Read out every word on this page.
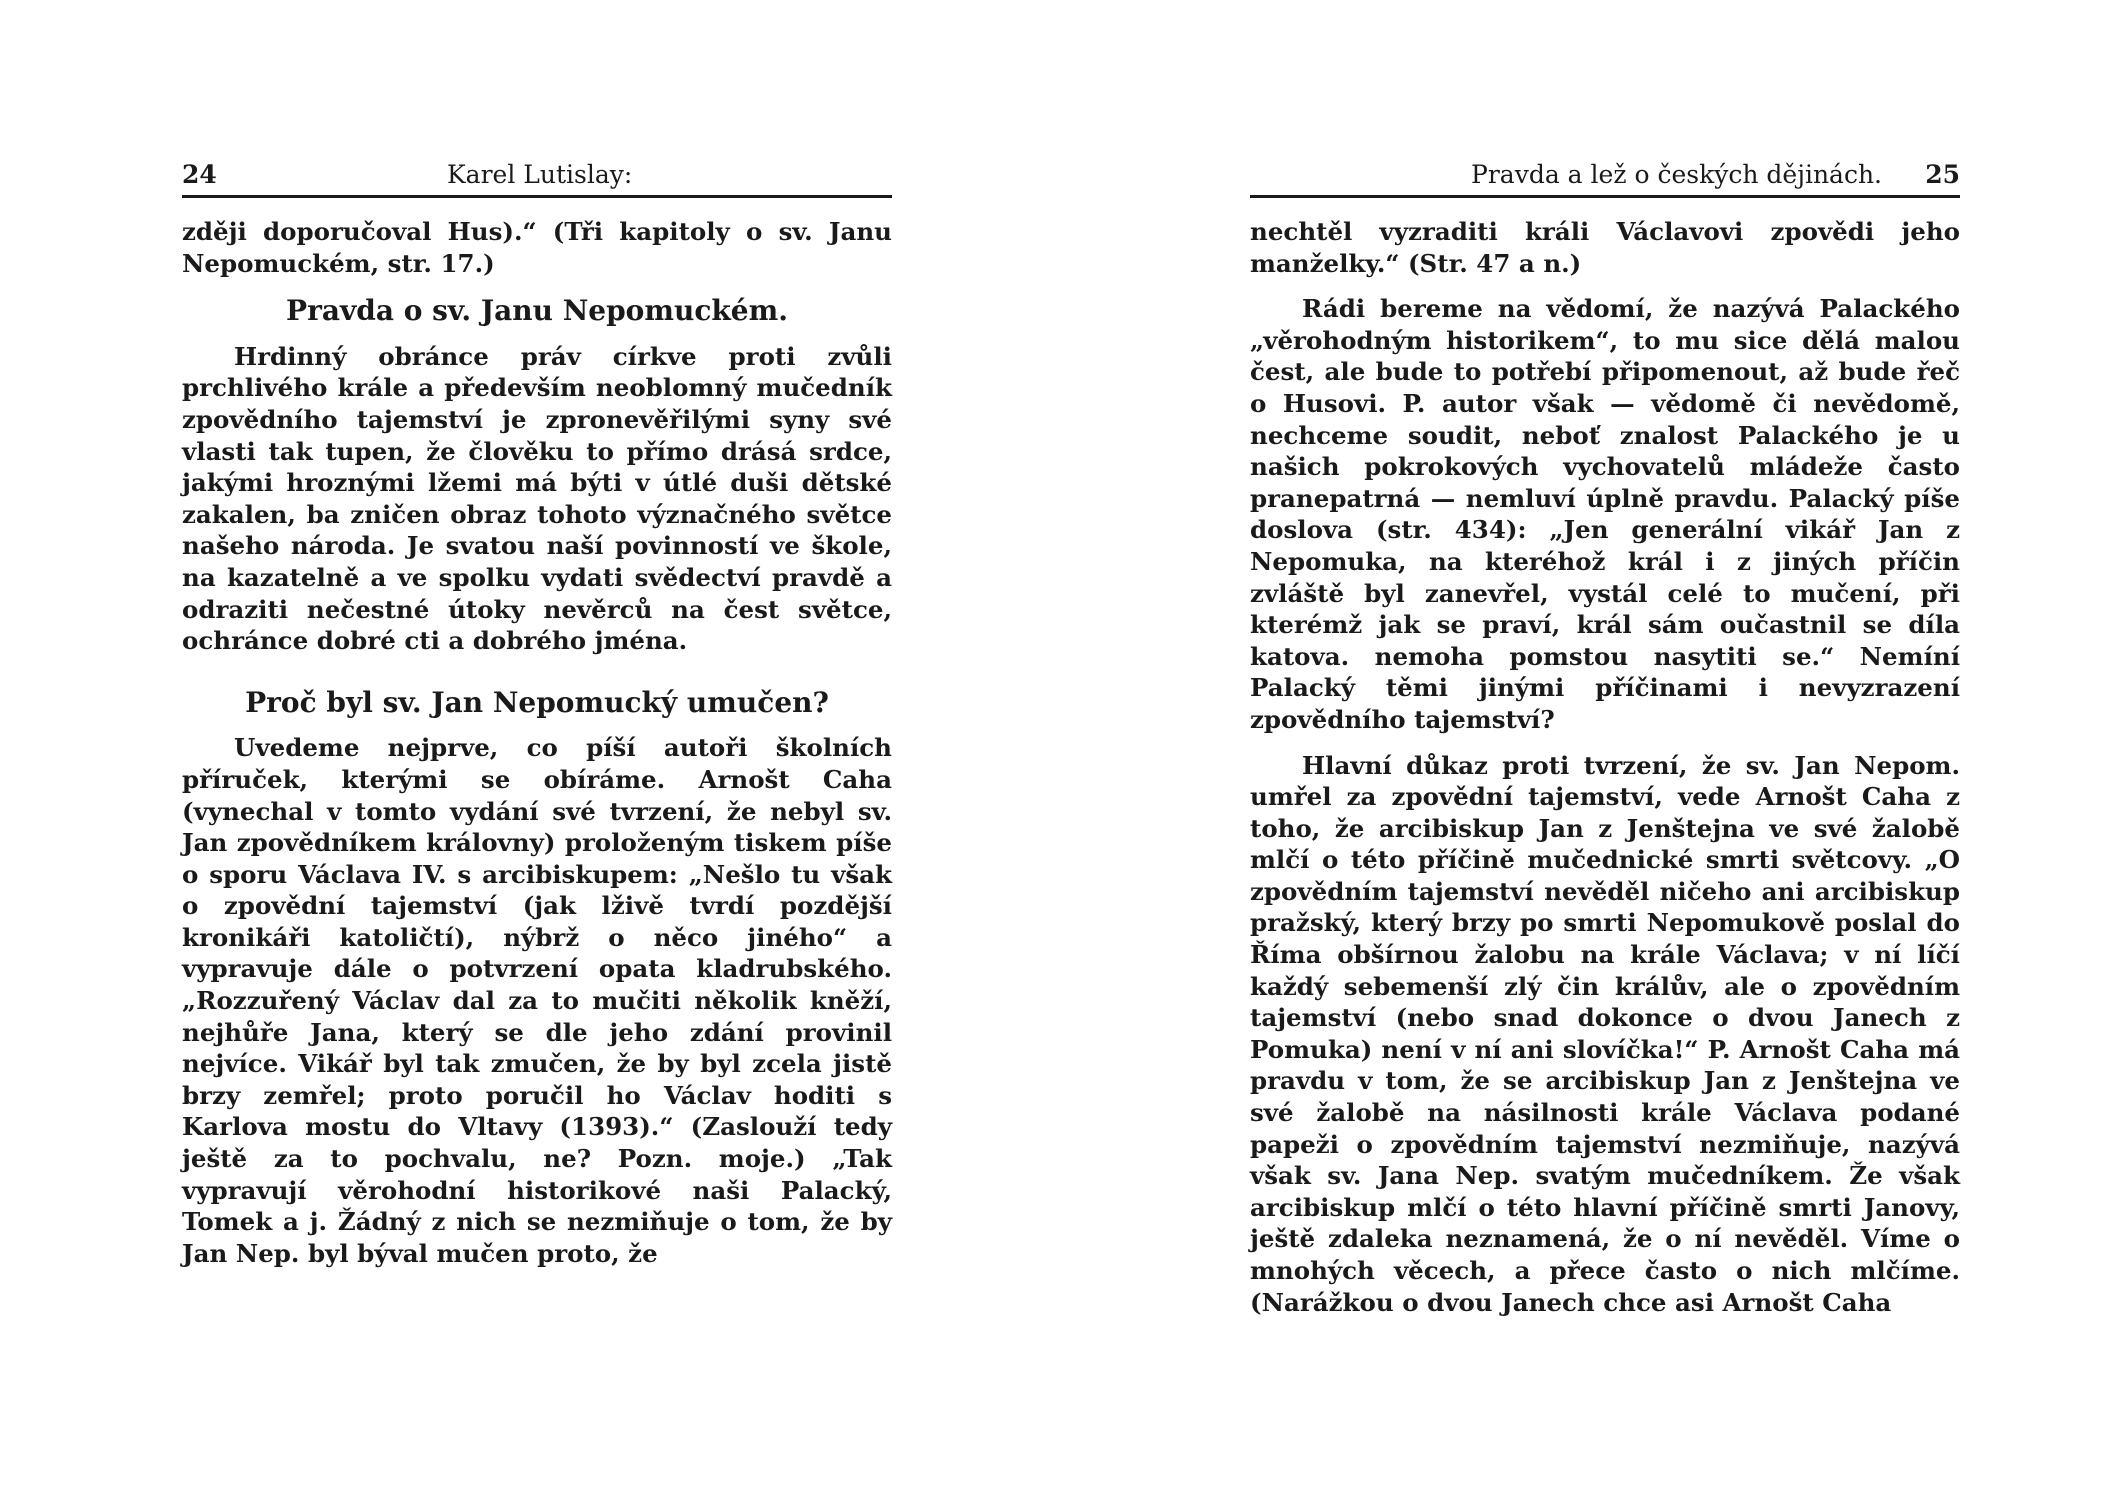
24	Karel Lutislay:

zději doporučoval Hus).“ (Tři kapitoly o sv. Janu Nepomuckém, str. 17.)

Pravda o sv. Janu Nepomuckém.

Hrdinný obránce práv církve proti zvůli prchlivého krále a především neoblomný mučedník zpovědního tajemství je zpronevěřilými syny své vlasti tak tupen, že člověku to přímo drásá srdce, jakými hroznými lžemi má býti v útlé duši dětské zakalen, ba zničen obraz tohoto význačného světce našeho národa. Je svatou naší povinností ve škole, na kazatelně a ve spolku vydati svědectví pravdě a odraziti nečestné útoky nevěrců na čest světce, ochránce dobré cti a dobrého jména.

Proč byl sv. Jan Nepomucký umučen?

Uvedeme nejprve, co píší autoři školních příruček, kterými se obíráme. Arnošt Caha (vynechal v tomto vydání své tvrzení, že nebyl sv. Jan zpovědníkem královny) proloženým tiskem píše o sporu Václava IV. s arcibiskupem: „Nešlo tu však o zpovědní tajemství (jak lživě tvrdí pozdější kronikáři katoličtí), nýbrž o něco jiného“ a vypravuje dále o potvrzení opata kladrubského. „Rozzuřený Václav dal za to mučiti několik kněží, nejhůře Jana, který se dle jeho zdání provinil nejvíce. Vikář byl tak zmučen, že by byl zcela jistě brzy zemřel; proto poručil ho Václav hoditi s Karlova mostu do Vltavy (1393).“ (Zaslouží tedy ještě za to pochvalu, ne? Pozn. moje.) „Tak vypravují věrohodní historikové naši Palacký, Tomek a j. Žádný z nich se nezmiňuje o tom, že by Jan Nep. byl býval mučen proto, že

Pravda a lež o českých dějinách. 25

nechtěl vyzraditi králi Václavovi zpovědi jeho manželky.“ (Str. 47 a n.)

Rádi bereme na vědomí, že nazývá Palackého „věrohodným historikem“, to mu sice dělá malou čest, ale bude to potřebí připomenout, až bude řeč o Husovi. P. autor však — vědomě či nevědomě, nechceme soudit, neboť znalost Palackého je u našich pokrokových vychovatelů mládeže často pranepatrná — nemluví úplně pravdu. Palacký píše doslova (str. 434): „Jen generální vikář Jan z Nepomuka, na kteréhož král i z jiných příčin zvláště byl zanevřel, vystál celé to mučení, při kterémž jak se praví, král sám oučastnil se díla katova. nemoha pomstou nasytiti se.“ Nemíní Palacký těmi jinými příčinami i nevyzrazení zpovědního tajemství?

Hlavní důkaz proti tvrzení, že sv. Jan Nepom. umřel za zpovědní tajemství, vede Arnošt Caha z toho, že arcibiskup Jan z Jenštejna ve své žalobě mlčí o této příčině mučednické smrti světcovy. „O zpovědním tajemství nevěděl ničeho ani arcibiskup pražský, který brzy po smrti Nepomukově poslal do Říma obšírnou žalobu na krále Václava; v ní líčí každý sebemenší zlý čin králův, ale o zpovědním tajemství (nebo snad dokonce o dvou Janech z Pomuka) není v ní ani slovíčka!“ P. Arnošt Caha má pravdu v tom, že se arcibiskup Jan z Jenštejna ve své žalobě na násilnosti krále Václava podané papeži o zpovědním tajemství nezmiňuje, nazývá však sv. Jana Nep. svatým mučedníkem. Že však arcibiskup mlčí o této hlavní příčině smrti Janovy, ještě zdaleka neznamená, že o ní nevěděl. Víme o mnohých věcech, a přece často o nich mlčíme. (Narážkou o dvou Janech chce asi Arnošt Caha
